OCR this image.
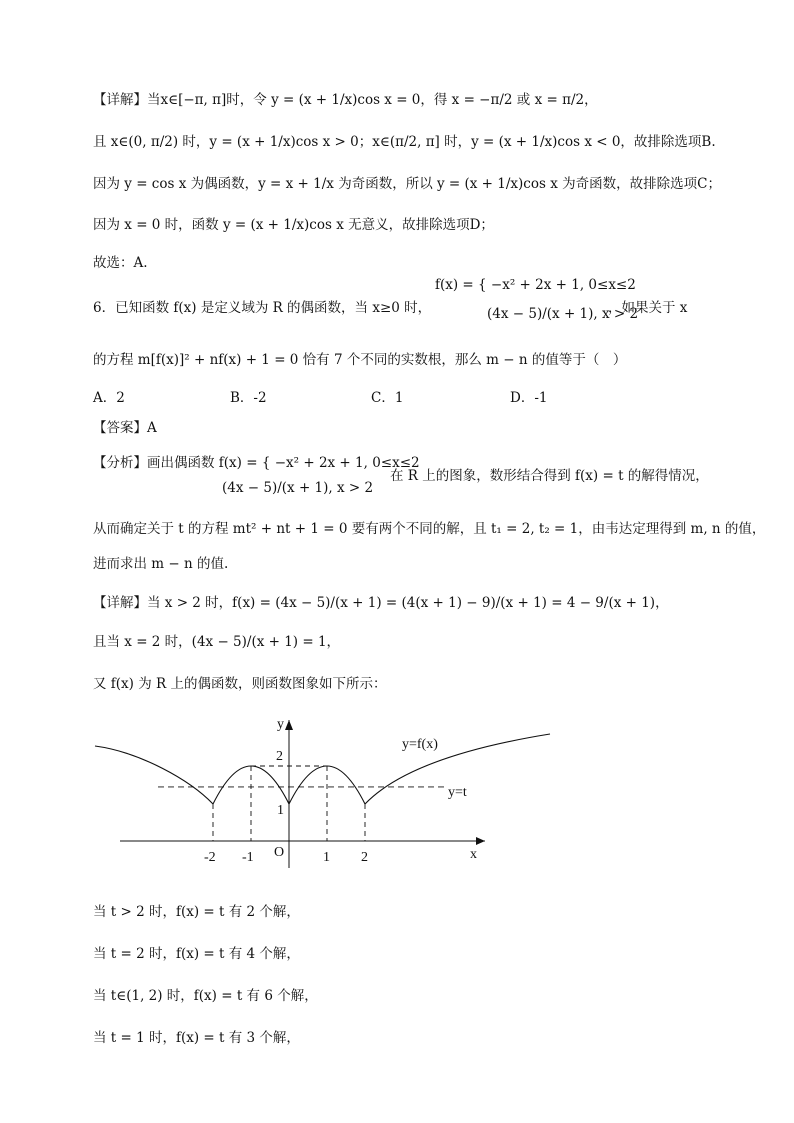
【详解】当x∈[−π, π]时，令 y = (x + 1/x)cos x = 0，得 x = −π/2 或 x = π/2，
且 x∈(0, π/2) 时，y = (x + 1/x)cos x > 0；x∈(π/2, π] 时，y = (x + 1/x)cos x < 0，故排除选项B.
因为 y = cos x 为偶函数，y = x + 1/x 为奇函数，所以 y = (x + 1/x)cos x 为奇函数，故排除选项C；
因为 x = 0 时，函数 y = (x + 1/x)cos x 无意义，故排除选项D；
故选：A.
6．已知函数 f(x) 是定义域为 R 的偶函数，当 x≥0 时，
f(x) = { −x² + 2x + 1, 0≤x≤2
(4x − 5)/(x + 1), x > 2
，如果关于 x
的方程 m[f(x)]² + nf(x) + 1 = 0 恰有 7 个不同的实数根，那么 m − n 的值等于（　）
A．2	B．-2	C．1	D．-1
【答案】A
【分析】画出偶函数 f(x) = { −x² + 2x + 1, 0≤x≤2
(4x − 5)/(x + 1), x > 2
在 R 上的图象，数形结合得到 f(x) = t 的解得情况，
从而确定关于 t 的方程 mt² + nt + 1 = 0 要有两个不同的解，且 t₁ = 2, t₂ = 1，由韦达定理得到 m, n 的值，
进而求出 m − n 的值.
【详解】当 x > 2 时，f(x) = (4x − 5)/(x + 1) = (4(x + 1) − 9)/(x + 1) = 4 − 9/(x + 1)，
且当 x = 2 时，(4x − 5)/(x + 1) = 1，
又 f(x) 为 R 上的偶函数，则函数图象如下所示：
y
x
O
y=f(x)
y=t
-2 -1	1 2
2
1
当 t > 2 时，f(x) = t 有 2 个解，
当 t = 2 时，f(x) = t 有 4 个解，
当 t∈(1, 2) 时，f(x) = t 有 6 个解，
当 t = 1 时，f(x) = t 有 3 个解，
